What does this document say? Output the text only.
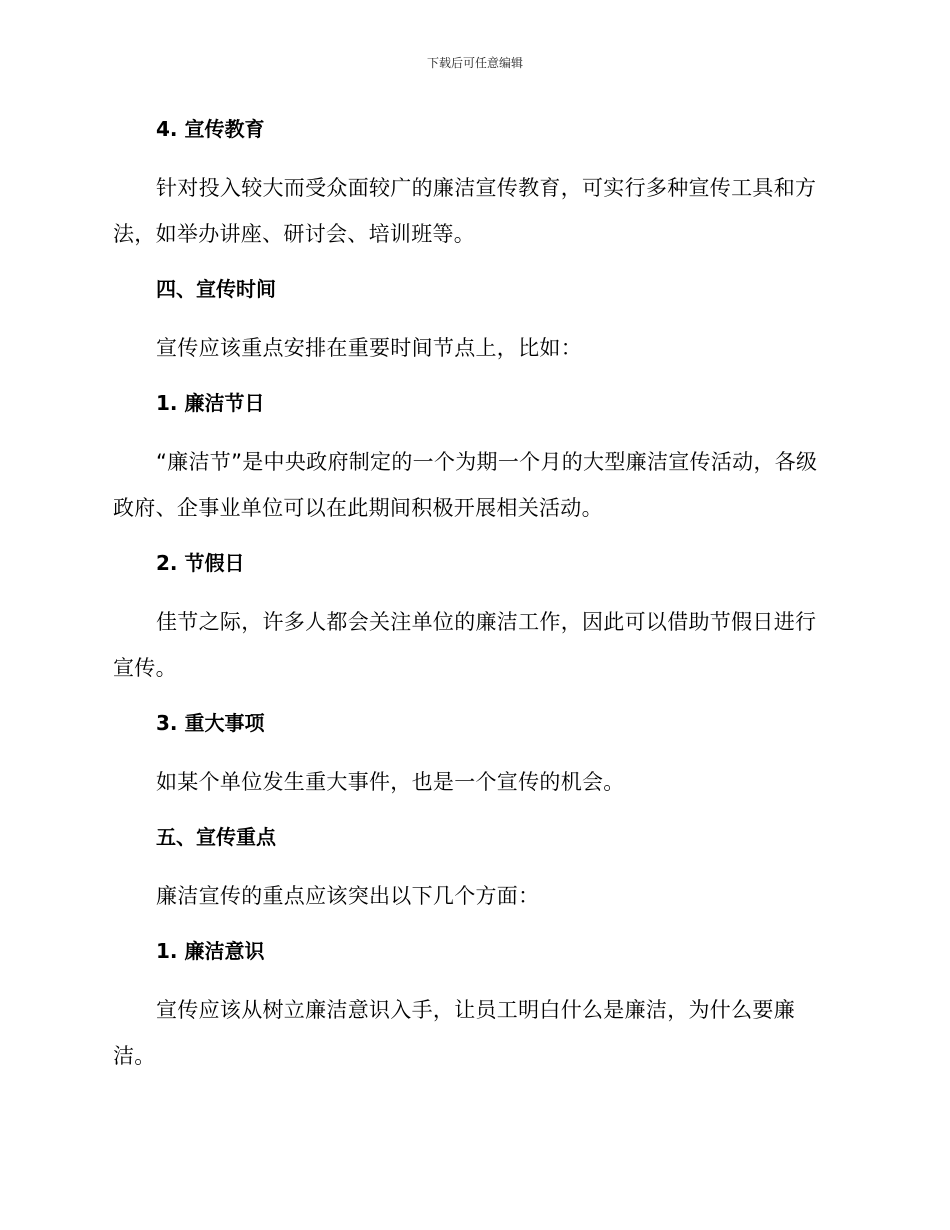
下载后可任意编辑
4. 宣传教育

针对投入较大而受众面较广的廉洁宣传教育，可实行多种宣传工具和方法，如举办讲座、研讨会、培训班等。

四、宣传时间

宣传应该重点安排在重要时间节点上，比如：

1. 廉洁节日

“廉洁节”是中央政府制定的一个为期一个月的大型廉洁宣传活动，各级政府、企事业单位可以在此期间积极开展相关活动。

2. 节假日

佳节之际，许多人都会关注单位的廉洁工作，因此可以借助节假日进行宣传。

3. 重大事项

如某个单位发生重大事件，也是一个宣传的机会。

五、宣传重点

廉洁宣传的重点应该突出以下几个方面：

1. 廉洁意识

宣传应该从树立廉洁意识入手，让员工明白什么是廉洁，为什么要廉洁。
